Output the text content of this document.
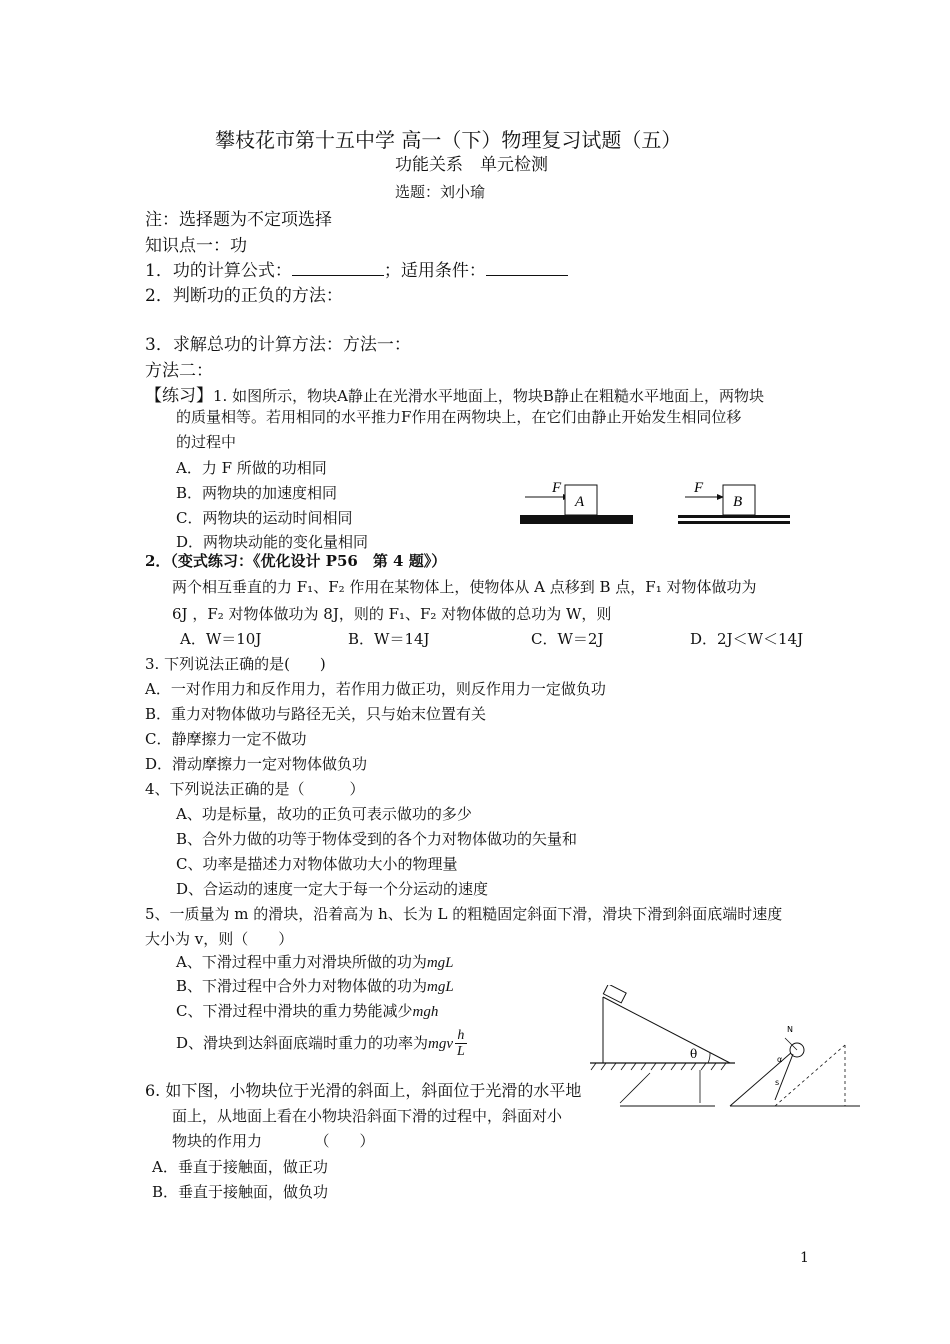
攀枝花市第十五中学 高一（下）物理复习试题（五）
功能关系　单元检测
选题：刘小瑜
注：选择题为不定项选择
知识点一：功
1．功的计算公式：	；适用条件：
2．判断功的正负的方法：
3．求解总功的计算方法：方法一：
方法二：
【练习】1. 如图所示，物块A静止在光滑水平地面上，物块B静止在粗糙水平地面上，两物块
的质量相等。若用相同的水平推力F作用在两物块上，在它们由静止开始发生相同位移
的过程中
A．力 F 所做的功相同
B．两物块的加速度相同
C．两物块的运动时间相同
D．两物块动能的变化量相同
F
A
F
B
2．（变式练习：《优化设计 P56　第 4 题》）
两个相互垂直的力 F₁、F₂ 作用在某物体上，使物体从 A 点移到 B 点，F₁ 对物体做功为
6J ，F₂ 对物体做功为 8J，则的 F₁、F₂ 对物体做的总功为 W，则
A．W＝10J	B．W＝14J	C．W＝2J	D．2J＜W＜14J
3. 下列说法正确的是(　　)
A．一对作用力和反作用力，若作用力做正功，则反作用力一定做负功
B．重力对物体做功与路径无关，只与始末位置有关
C．静摩擦力一定不做功
D．滑动摩擦力一定对物体做负功
4、下列说法正确的是（　　　）
A、功是标量，故功的正负可表示做功的多少
B、合外力做的功等于物体受到的各个力对物体做功的矢量和
C、功率是描述力对物体做功大小的物理量
D、合运动的速度一定大于每一个分运动的速度
5、一质量为 m 的滑块，沿着高为 h、长为 L 的粗糙固定斜面下滑，滑块下滑到斜面底端时速度
大小为 v，则（　　）
A、下滑过程中重力对滑块所做的功为mgL
B、下滑过程中合外力对物体做的功为mgL
C、下滑过程中滑块的重力势能减少mgh
D、滑块到达斜面底端时重力的功率为mgv $\frac{h}{L}$	θ
N
α
s
6. 如下图，小物块位于光滑的斜面上，斜面位于光滑的水平地
面上，从地面上看在小物块沿斜面下滑的过程中，斜面对小
物块的作用力　　　　（　　）
A．垂直于接触面，做正功
B．垂直于接触面，做负功
1
